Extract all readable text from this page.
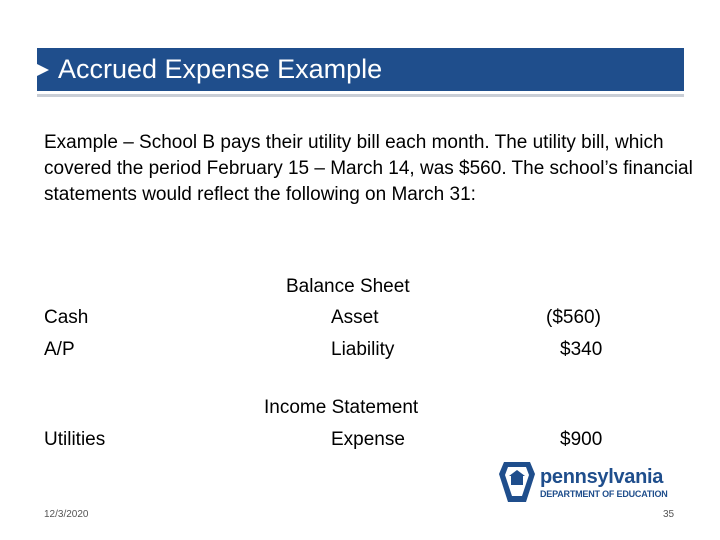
Accrued Expense Example
Example – School B pays their utility bill each month. The utility bill, which covered the period February 15 – March 14, was $560. The school’s financial statements would reflect the following on March 31:
Balance Sheet
Cash	Asset	($560)
A/P	Liability	$340
Income Statement
Utilities	Expense	$900
pennsylvania
DEPARTMENT OF EDUCATION
12/3/2020	35
